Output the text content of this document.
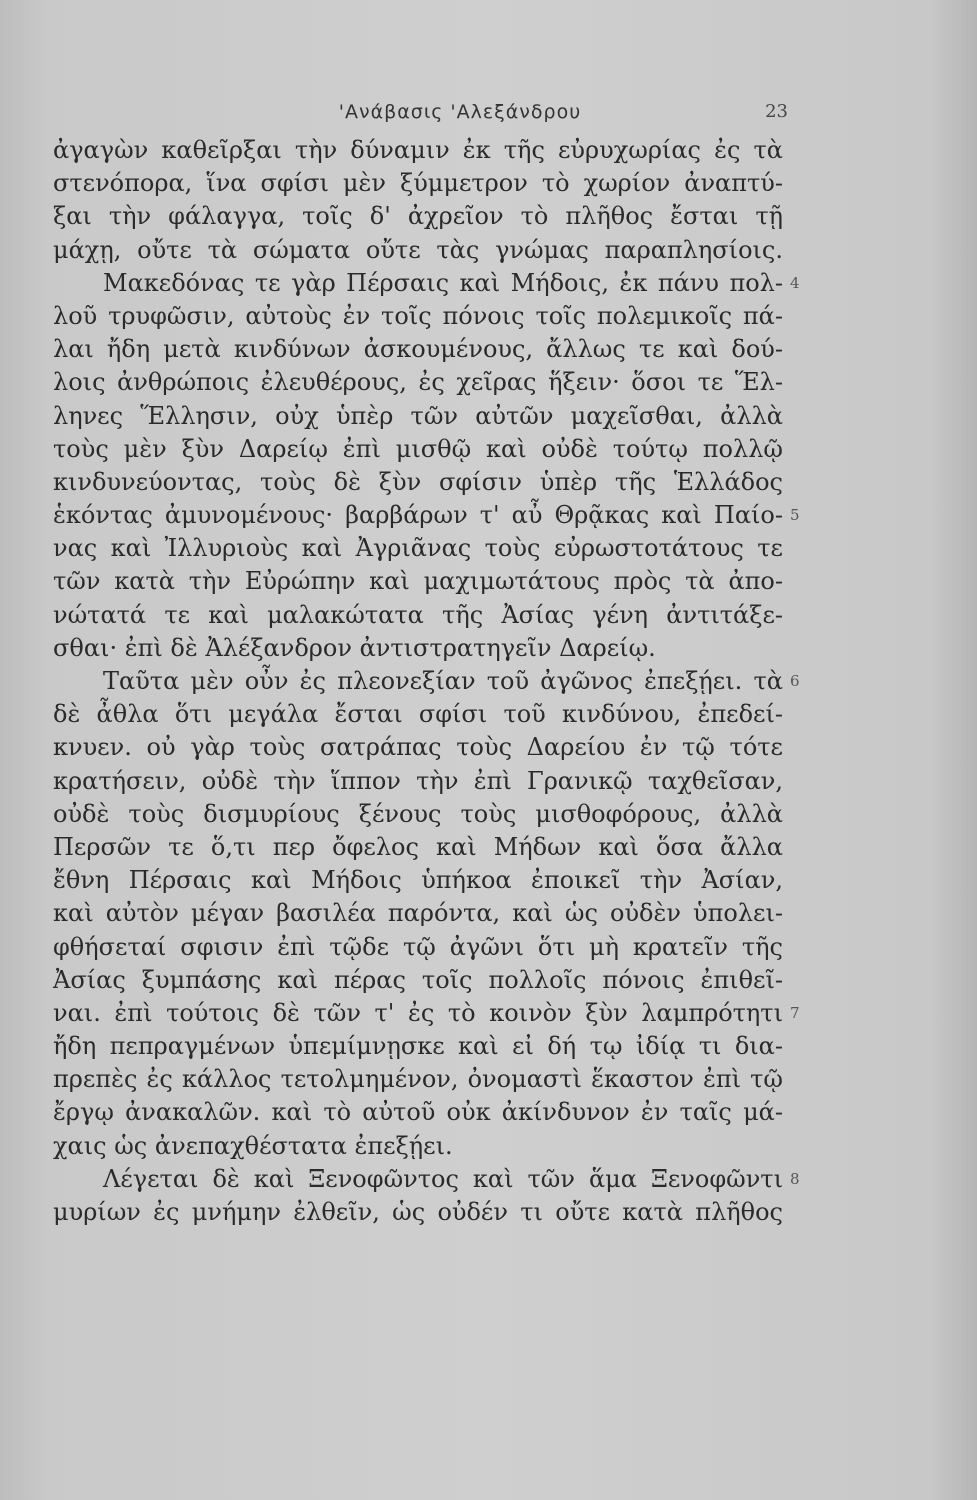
'Ανάβασις 'Αλεξάνδρου	23
ἀγαγὼν καθεῖρξαι τὴν δύναμιν ἐκ τῆς εὐρυχωρίας ἐς τὰ
στενόπορα, ἵνα σφίσι μὲν ξύμμετρον τὸ χωρίον ἀναπτύ-
ξαι τὴν φάλαγγα, τοῖς δ' ἀχρεῖον τὸ πλῆθος ἔσται τῇ
μάχῃ, οὔτε τὰ σώματα οὔτε τὰς γνώμας παραπλησίοις.
Μακεδόνας τε γὰρ Πέρσαις καὶ Μήδοις, ἐκ πάνυ πολ- 4
λοῦ τρυφῶσιν, αὐτοὺς ἐν τοῖς πόνοις τοῖς πολεμικοῖς πά-
λαι ἤδη μετὰ κινδύνων ἀσκουμένους, ἄλλως τε καὶ δού-
λοις ἀνθρώποις ἐλευθέρους, ἐς χεῖρας ἥξειν· ὅσοι τε Ἕλ-
ληνες Ἕλλησιν, οὐχ ὑπὲρ τῶν αὐτῶν μαχεῖσθαι, ἀλλὰ
τοὺς μὲν ξὺν Δαρείῳ ἐπὶ μισθῷ καὶ οὐδὲ τούτῳ πολλῷ
κινδυνεύοντας, τοὺς δὲ ξὺν σφίσιν ὑπὲρ τῆς Ἑλλάδος
ἑκόντας ἀμυνομένους· βαρβάρων τ' αὖ Θρᾷκας καὶ Παίο- 5
νας καὶ Ἰλλυριοὺς καὶ Ἀγριᾶνας τοὺς εὐρωστοτάτους τε
τῶν κατὰ τὴν Εὐρώπην καὶ μαχιμωτάτους πρὸς τὰ ἀπο-
νώτατά τε καὶ μαλακώτατα τῆς Ἀσίας γένη ἀντιτάξε-
σθαι· ἐπὶ δὲ Ἀλέξανδρον ἀντιστρατηγεῖν Δαρείῳ.
Ταῦτα μὲν οὖν ἐς πλεονεξίαν τοῦ ἀγῶνος ἐπεξῄει. τὰ 6
δὲ ἆθλα ὅτι μεγάλα ἔσται σφίσι τοῦ κινδύνου, ἐπεδεί-
κνυεν. οὐ γὰρ τοὺς σατράπας τοὺς Δαρείου ἐν τῷ τότε
κρατήσειν, οὐδὲ τὴν ἵππον τὴν ἐπὶ Γρανικῷ ταχθεῖσαν,
οὐδὲ τοὺς δισμυρίους ξένους τοὺς μισθοφόρους, ἀλλὰ
Περσῶν τε ὅ,τι περ ὄφελος καὶ Μήδων καὶ ὅσα ἄλλα
ἔθνη Πέρσαις καὶ Μήδοις ὑπήκοα ἐποικεῖ τὴν Ἀσίαν,
καὶ αὐτὸν μέγαν βασιλέα παρόντα, καὶ ὡς οὐδὲν ὑπολει-
φθήσεταί σφισιν ἐπὶ τῷδε τῷ ἀγῶνι ὅτι μὴ κρατεῖν τῆς
Ἀσίας ξυμπάσης καὶ πέρας τοῖς πολλοῖς πόνοις ἐπιθεῖ-
ναι. ἐπὶ τούτοις δὲ τῶν τ' ἐς τὸ κοινὸν ξὺν λαμπρότητι 7
ἤδη πεπραγμένων ὑπεμίμνῃσκε καὶ εἰ δή τῳ ἰδίᾳ τι δια-
πρεπὲς ἐς κάλλος τετολμημένον, ὀνομαστὶ ἕκαστον ἐπὶ τῷ
ἔργῳ ἀνακαλῶν. καὶ τὸ αὐτοῦ οὐκ ἀκίνδυνον ἐν ταῖς μά-
χαις ὡς ἀνεπαχθέστατα ἐπεξῄει.
Λέγεται δὲ καὶ Ξενοφῶντος καὶ τῶν ἅμα Ξενοφῶντι 8
μυρίων ἐς μνήμην ἐλθεῖν, ὡς οὐδέν τι οὔτε κατὰ πλῆθος
